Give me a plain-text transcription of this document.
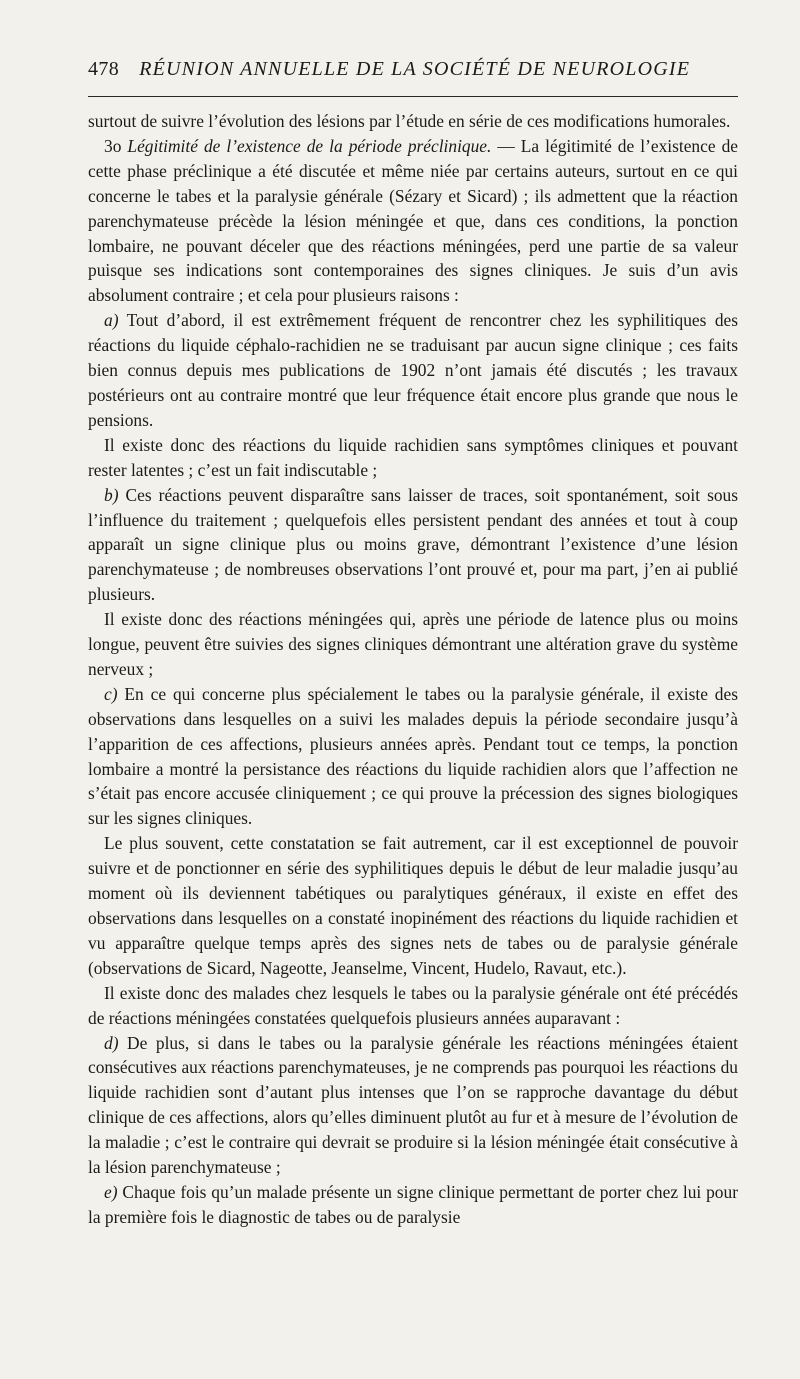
478 RÉUNION ANNUELLE DE LA SOCIÉTÉ DE NEUROLOGIE

surtout de suivre l’évolution des lésions par l’étude en série de ces modifications humorales.

3o Légitimité de l’existence de la période préclinique. — La légitimité de l’existence de cette phase préclinique a été discutée et même niée par certains auteurs, surtout en ce qui concerne le tabes et la paralysie générale (Sézary et Sicard) ; ils admettent que la réaction parenchymateuse précède la lésion méningée et que, dans ces conditions, la ponction lombaire, ne pouvant déceler que des réactions méningées, perd une partie de sa valeur puisque ses indications sont contemporaines des signes cliniques. Je suis d’un avis absolument contraire ; et cela pour plusieurs raisons :

a) Tout d’abord, il est extrêmement fréquent de rencontrer chez les syphilitiques des réactions du liquide céphalo-rachidien ne se traduisant par aucun signe clinique ; ces faits bien connus depuis mes publications de 1902 n’ont jamais été discutés ; les travaux postérieurs ont au contraire montré que leur fréquence était encore plus grande que nous le pensions.

Il existe donc des réactions du liquide rachidien sans symptômes cliniques et pouvant rester latentes ; c’est un fait indiscutable ;

b) Ces réactions peuvent disparaître sans laisser de traces, soit spontanément, soit sous l’influence du traitement ; quelquefois elles persistent pendant des années et tout à coup apparaît un signe clinique plus ou moins grave, démontrant l’existence d’une lésion parenchymateuse ; de nombreuses observations l’ont prouvé et, pour ma part, j’en ai publié plusieurs.

Il existe donc des réactions méningées qui, après une période de latence plus ou moins longue, peuvent être suivies des signes cliniques démontrant une altération grave du système nerveux ;

c) En ce qui concerne plus spécialement le tabes ou la paralysie générale, il existe des observations dans lesquelles on a suivi les malades depuis la période secondaire jusqu’à l’apparition de ces affections, plusieurs années après. Pendant tout ce temps, la ponction lombaire a montré la persistance des réactions du liquide rachidien alors que l’affection ne s’était pas encore accusée cliniquement ; ce qui prouve la précession des signes biologiques sur les signes cliniques.

Le plus souvent, cette constatation se fait autrement, car il est exceptionnel de pouvoir suivre et de ponctionner en série des syphilitiques depuis le début de leur maladie jusqu’au moment où ils deviennent tabétiques ou paralytiques généraux, il existe en effet des observations dans lesquelles on a constaté inopinément des réactions du liquide rachidien et vu apparaître quelque temps après des signes nets de tabes ou de paralysie générale (observations de Sicard, Nageotte, Jeanselme, Vincent, Hudelo, Ravaut, etc.).

Il existe donc des malades chez lesquels le tabes ou la paralysie générale ont été précédés de réactions méningées constatées quelquefois plusieurs années auparavant :

d) De plus, si dans le tabes ou la paralysie générale les réactions méningées étaient consécutives aux réactions parenchymateuses, je ne comprends pas pourquoi les réactions du liquide rachidien sont d’autant plus intenses que l’on se rapproche davantage du début clinique de ces affections, alors qu’elles diminuent plutôt au fur et à mesure de l’évolution de la maladie ; c’est le contraire qui devrait se produire si la lésion méningée était consécutive à la lésion parenchymateuse ;

e) Chaque fois qu’un malade présente un signe clinique permettant de porter chez lui pour la première fois le diagnostic de tabes ou de paralysie
